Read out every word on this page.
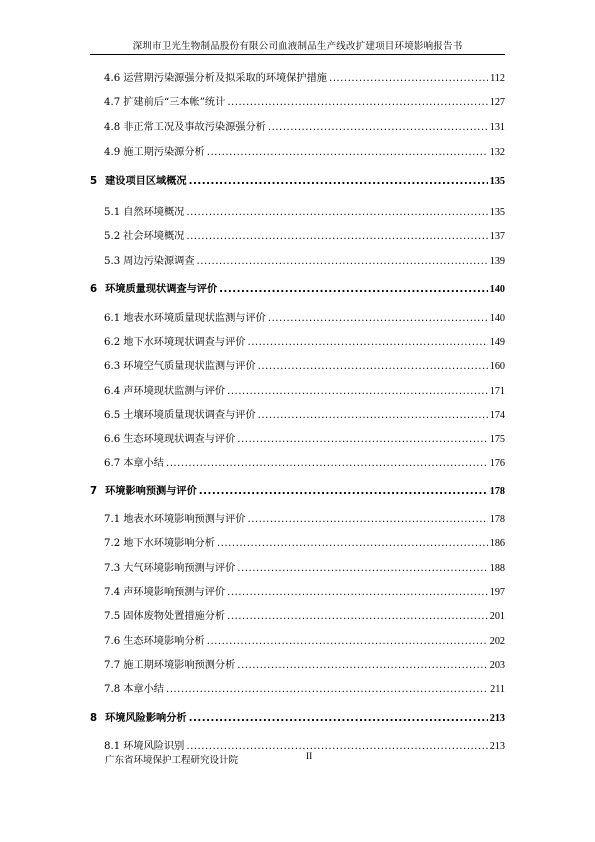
深圳市卫光生物制品股份有限公司血液制品生产线改扩建项目环境影响报告书
4.6 运营期污染源强分析及拟采取的环境保护措施 .....	112
4.7 扩建前后“三本帐”统计 .....	127
4.8 非正常工况及事故污染源强分析 .....	131
4.9 施工期污染源分析 .....	132
5 建设项目区域概况 .....	135
5.1 自然环境概况 .....	135
5.2 社会环境概况 .....	137
5.3 周边污染源调查 .....	139
6 环境质量现状调查与评价 .....	140
6.1 地表水环境质量现状监测与评价 .....	140
6.2 地下水环境现状调查与评价 .....	149
6.3 环境空气质量现状监测与评价 .....	160
6.4 声环境现状监测与评价 .....	171
6.5 土壤环境质量现状调查与评价 .....	174
6.6 生态环境现状调查与评价 .....	175
6.7 本章小结 .....	176
7 环境影响预测与评价 .....	178
7.1 地表水环境影响预测与评价 .....	178
7.2 地下水环境影响分析 .....	186
7.3 大气环境影响预测与评价 .....	188
7.4 声环境影响预测与评价 .....	197
7.5 固体废物处置措施分析 .....	201
7.6 生态环境影响分析 .....	202
7.7 施工期环境影响预测分析 .....	203
7.8 本章小结 .....	211
8 环境风险影响分析 .....	213
8.1 环境风险识别 .....	213
广东省环境保护工程研究设计院	II
